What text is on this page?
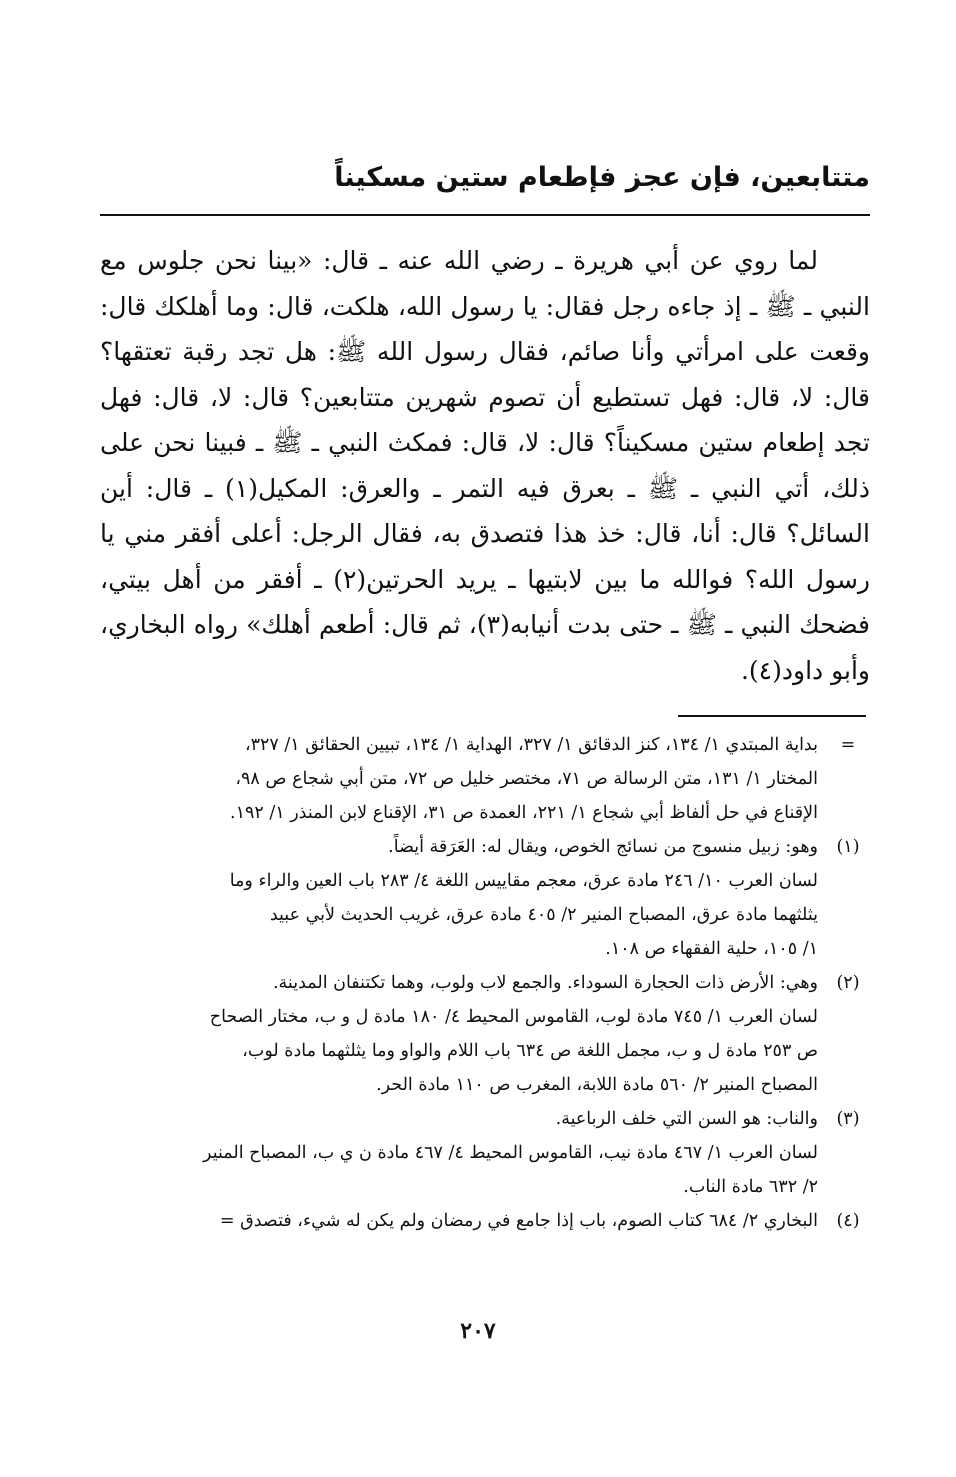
متتابعين، فإن عجز فإطعام ستين مسكيناً

لما روي عن أبي هريرة ـ رضي الله عنه ـ قال: «بينا نحن جلوس مع النبي ـ ﷺ ـ إذ جاءه رجل فقال: يا رسول الله، هلكت، قال: وما أهلكك قال: وقعت على امرأتي وأنا صائم، فقال رسول الله ﷺ: هل تجد رقبة تعتقها؟ قال: لا، قال: فهل تستطيع أن تصوم شهرين متتابعين؟ قال: لا، قال: فهل تجد إطعام ستين مسكيناً؟ قال: لا، قال: فمكث النبي ـ ﷺ ـ فبينا نحن على ذلك، أتي النبي ـ ﷺ ـ بعرق فيه التمر ـ والعرق: المكيل(١) ـ قال: أين السائل؟ قال: أنا، قال: خذ هذا فتصدق به، فقال الرجل: أعلى أفقر مني يا رسول الله؟ فوالله ما بين لابتيها ـ يريد الحرتين(٢) ـ أفقر من أهل بيتي، فضحك النبي ـ ﷺ ـ حتى بدت أنيابه(٣)، ثم قال: أطعم أهلك» رواه البخاري، وأبو داود(٤).

=
بداية المبتدي ١/ ١٣٤، كنز الدقائق ١/ ٣٢٧، الهداية ١/ ١٣٤، تبيين الحقائق ١/ ٣٢٧،
المختار ١/ ١٣١، متن الرسالة ص ٧١، مختصر خليل ص ٧٢، متن أبي شجاع ص ٩٨،
الإقناع في حل ألفاظ أبي شجاع ١/ ٢٢١، العمدة ص ٣١، الإقناع لابن المنذر ١/ ١٩٢.
(١)
وهو: زبيل منسوج من نسائج الخوص، ويقال له: العَرَقة أيضاً.
لسان العرب ١٠/ ٢٤٦ مادة عرق، معجم مقاييس اللغة ٤/ ٢٨٣ باب العين والراء وما
يثلثهما مادة عرق، المصباح المنير ٢/ ٤٠٥ مادة عرق، غريب الحديث لأبي عبيد
١/ ١٠٥، حلية الفقهاء ص ١٠٨.
(٢)
وهي: الأرض ذات الحجارة السوداء. والجمع لاب ولوب، وهما تكتنفان المدينة.
لسان العرب ١/ ٧٤٥ مادة لوب، القاموس المحيط ٤/ ١٨٠ مادة ل و ب، مختار الصحاح
ص ٢٥٣ مادة ل و ب، مجمل اللغة ص ٦٣٤ باب اللام والواو وما يثلثهما مادة لوب،
المصباح المنير ٢/ ٥٦٠ مادة اللابة، المغرب ص ١١٠ مادة الحر.
(٣)
والناب: هو السن التي خلف الرباعية.
لسان العرب ١/ ٤٦٧ مادة نيب، القاموس المحيط ٤/ ٤٦٧ مادة ن ي ب، المصباح المنير
٢/ ٦٣٢ مادة الناب.
(٤)
البخاري ٢/ ٦٨٤ كتاب الصوم، باب إذا جامع في رمضان ولم يكن له شيء، فتصدق =
٢٠٧
